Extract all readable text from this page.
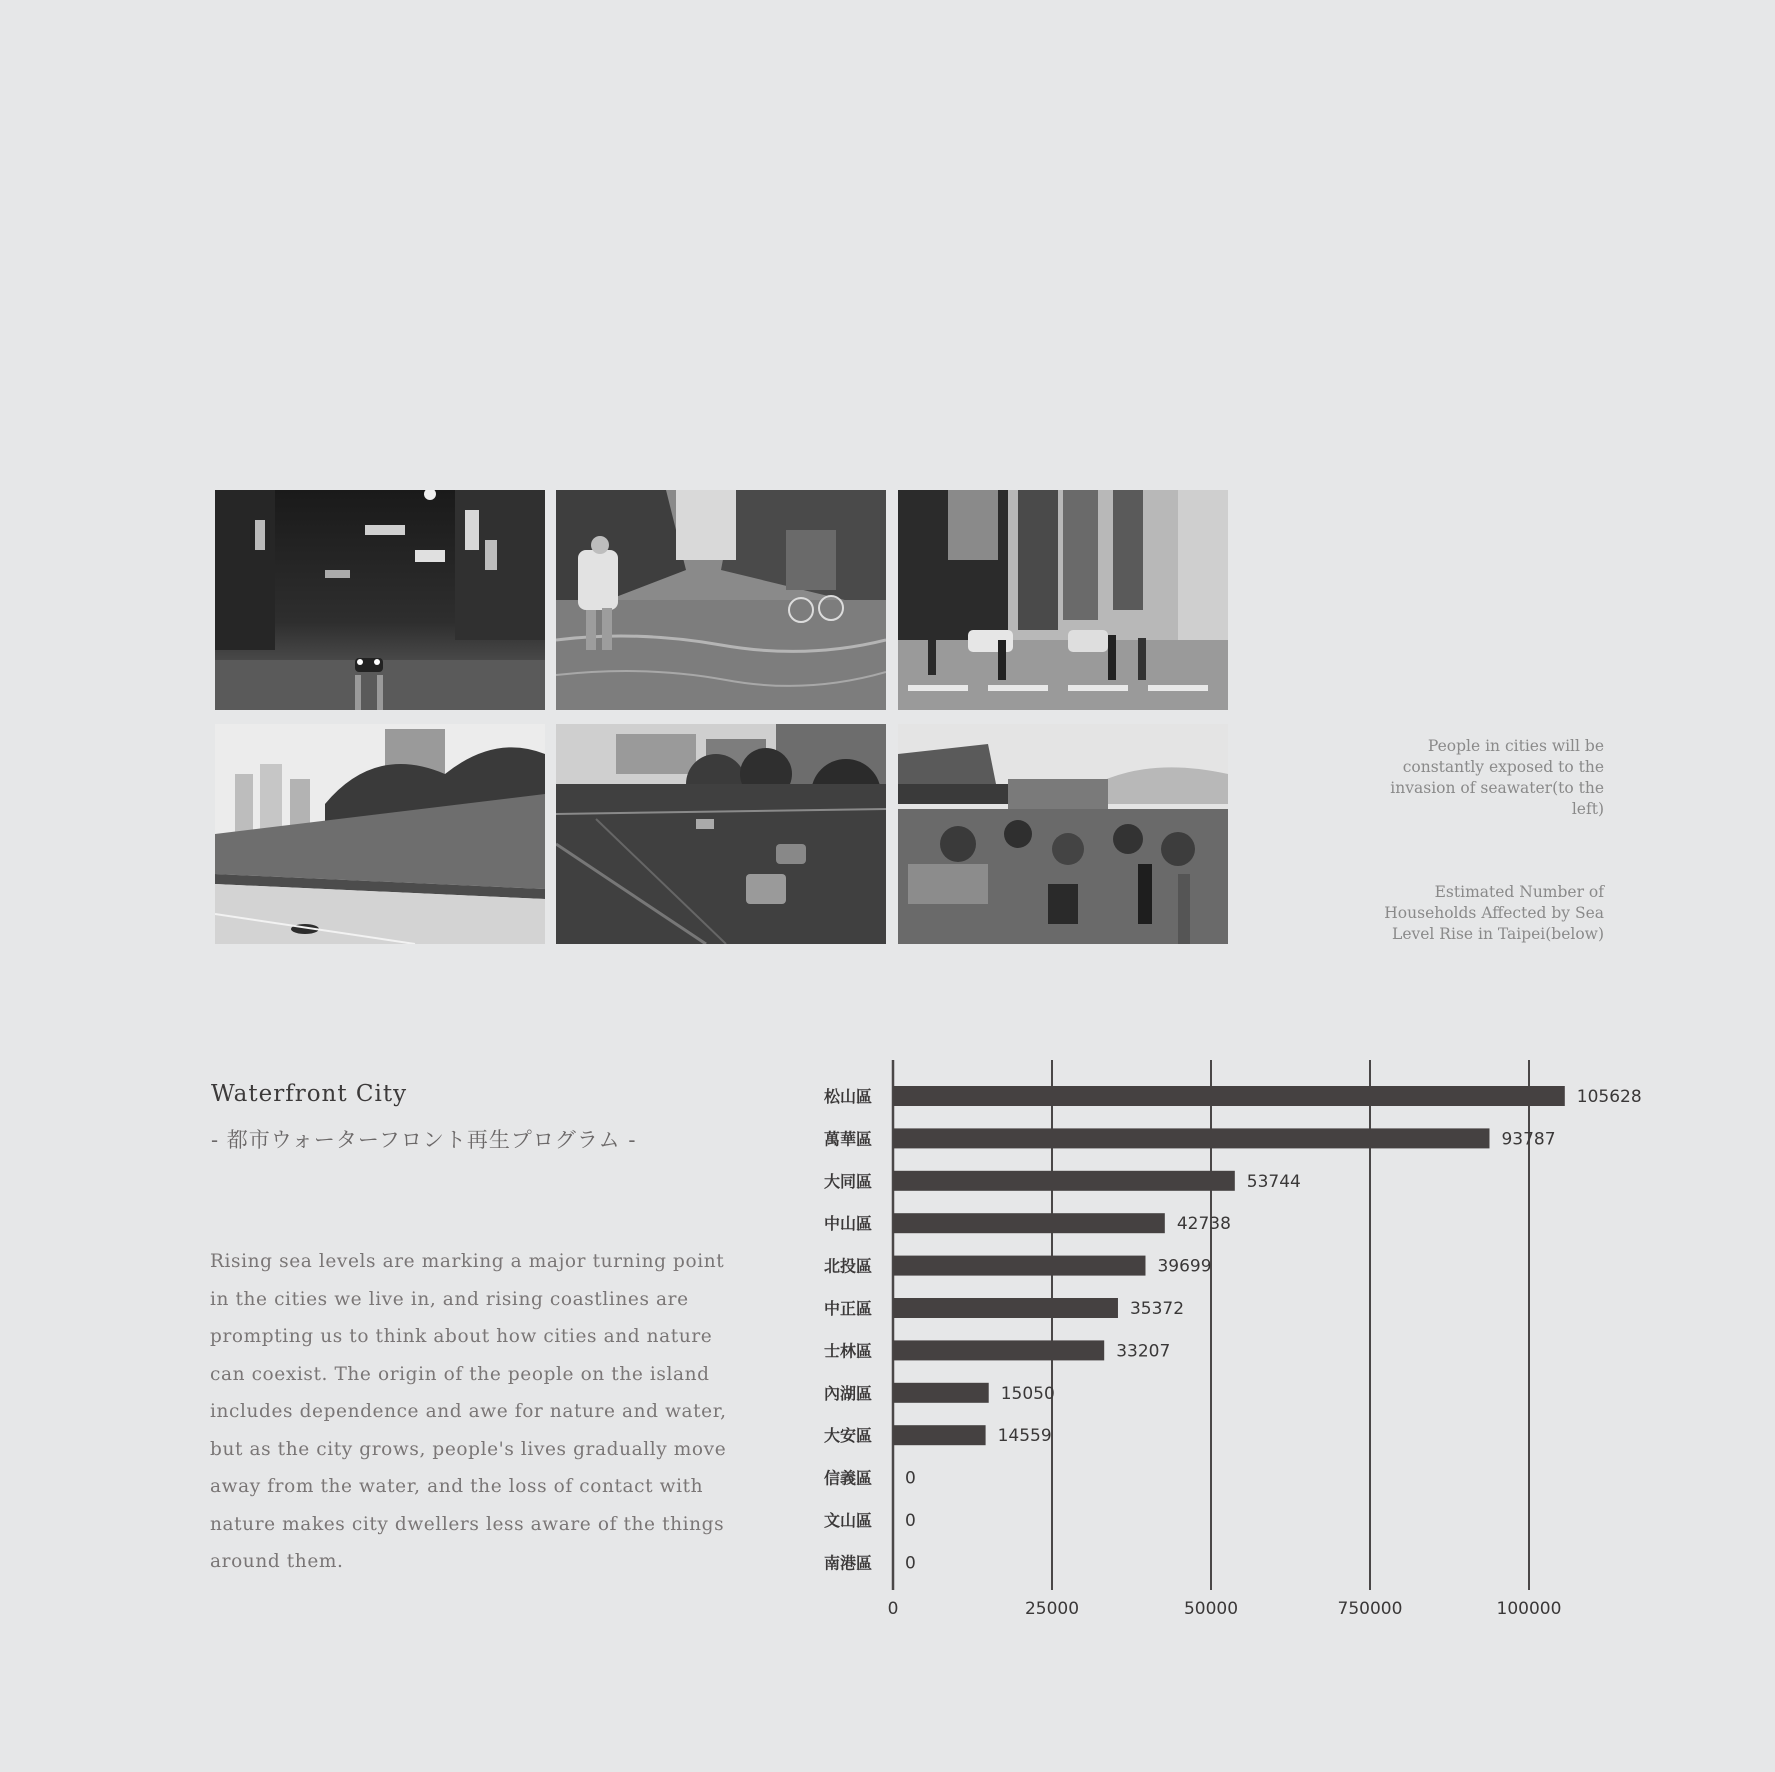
People in cities will be constantly exposed to the invasion of seawater(to the left)
Estimated Number of Households Affected by Sea Level Rise in Taipei(below)
Waterfront City
- 都市ウォーターフロント再生プログラム -
Rising sea levels are marking a major turning point in the cities we live in, and rising coastlines are prompting us to think about how cities and nature can coexist. The origin of the people on the island includes dependence and awe for nature and water, but as the city grows, people's lives gradually move away from the water, and the loss of contact with nature makes city dwellers less aware of the things around them.
松山區
萬華區
大同區
中山區
北投區
中正區
士林區
內湖區
大安區
信義區
文山區
南港區
105628
93787
53744
42738
39699
35372
33207
15050
14559
0
0
0
0	25000	50000	750000	100000
